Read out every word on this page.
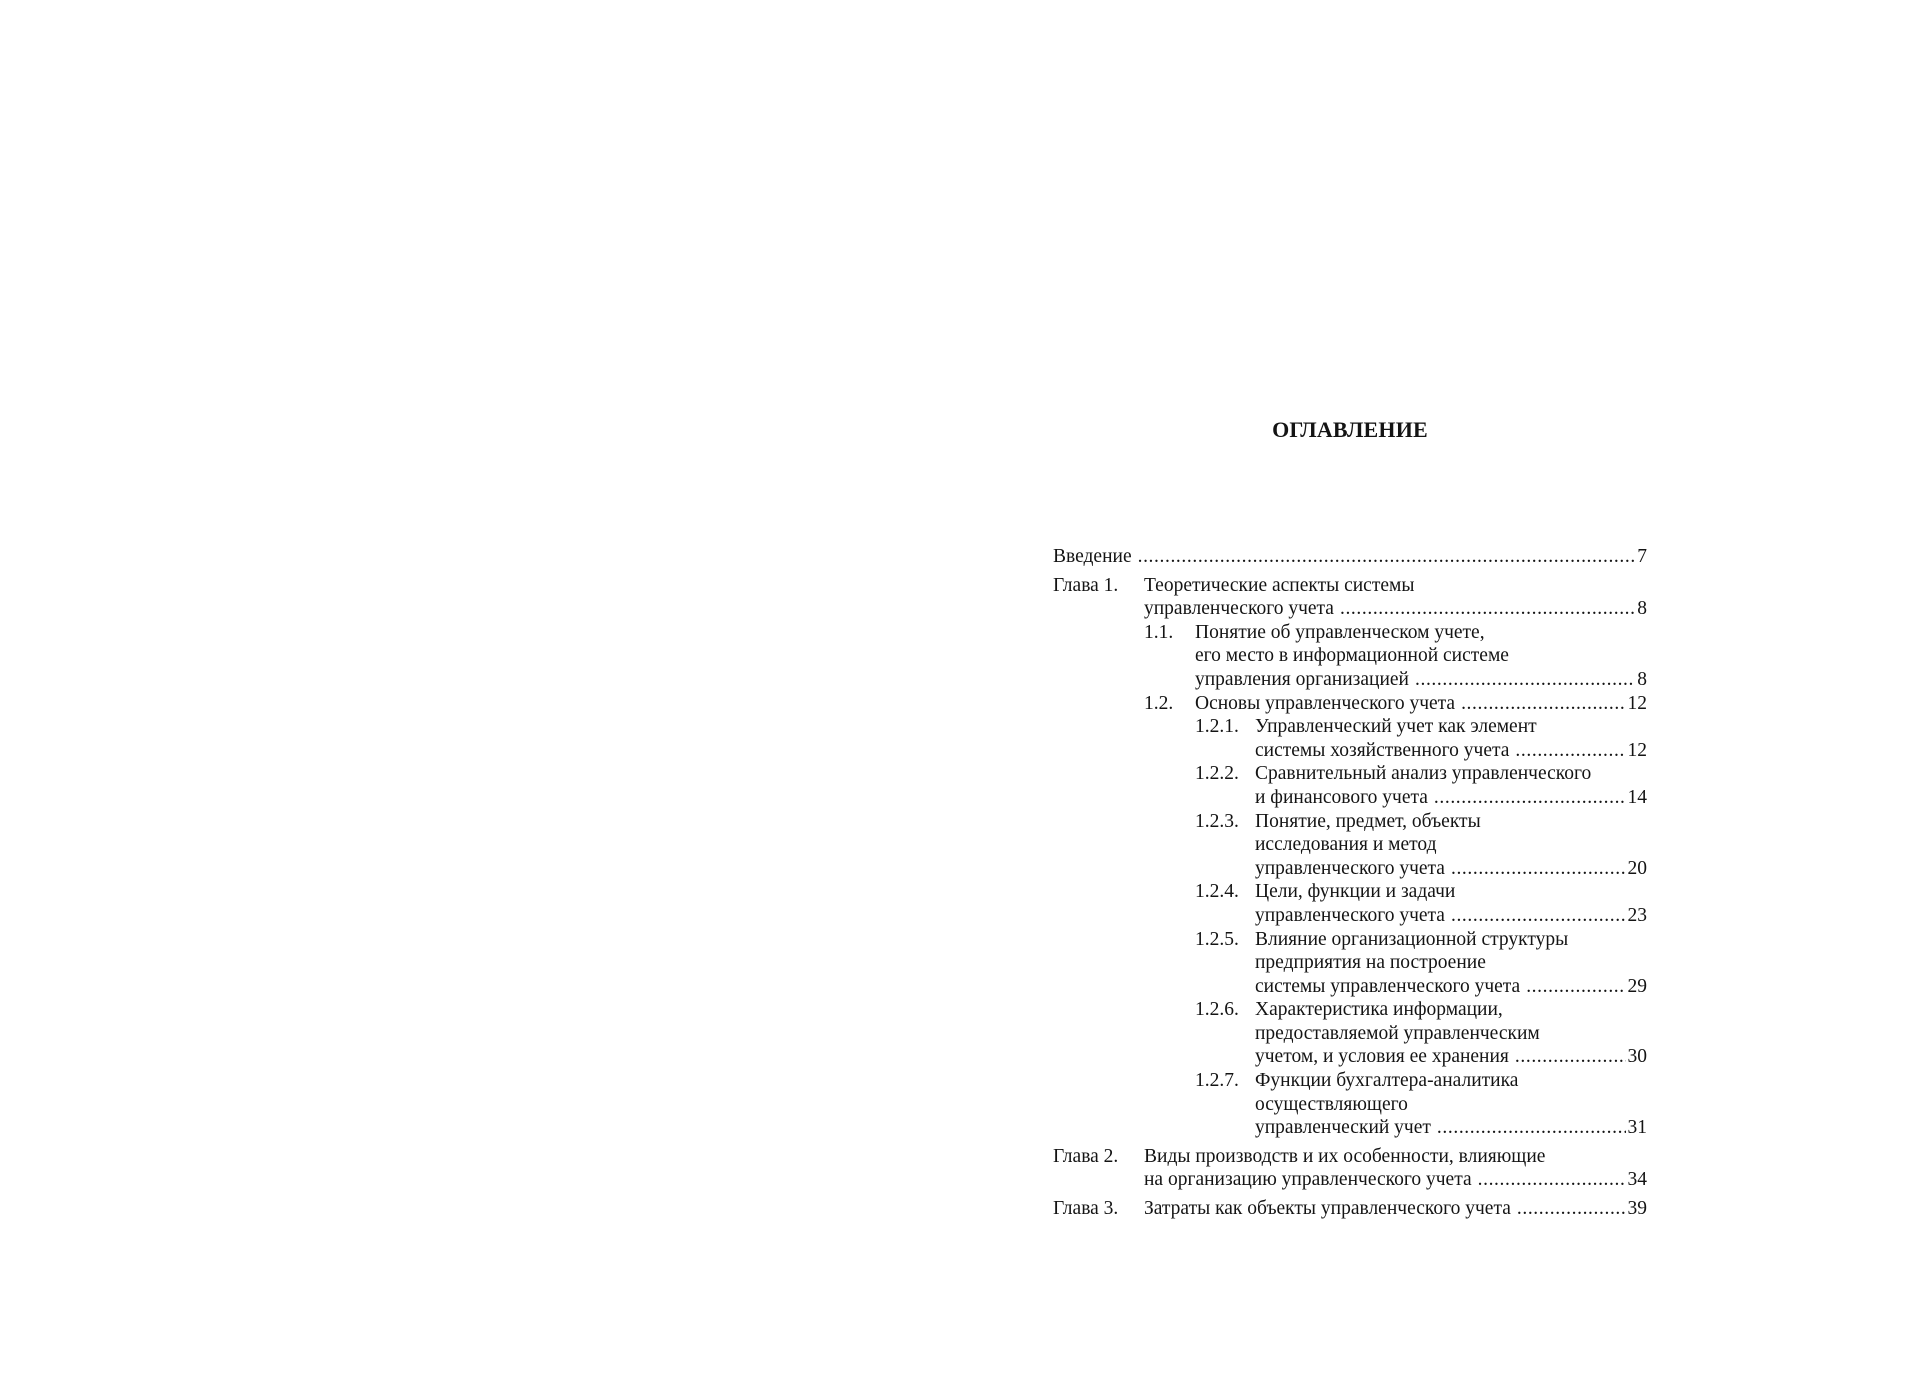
ОГЛАВЛЕНИЕ
Введение .....	7
Глава 1.	Теоретические аспекты системы
управленческого учета .....	8
1.1.	Понятие об управленческом учете,
его место в информационной системе
управления организацией .....	8
1.2.	Основы управленческого учета .....	12
1.2.1. Управленческий учет как элемент
системы хозяйственного учета .....	12
1.2.2. Сравнительный анализ управленческого
и финансового учета .....	14
1.2.3. Понятие, предмет, объекты
исследования и метод
управленческого учета .....	20
1.2.4. Цели, функции и задачи
управленческого учета .....	23
1.2.5. Влияние организационной структуры
предприятия на построение
системы управленческого учета .....	29
1.2.6. Характеристика информации,
предоставляемой управленческим
учетом, и условия ее хранения .....	30
1.2.7. Функции бухгалтера-аналитика
осуществляющего
управленческий учет .....	31
Глава 2.	Виды производств и их особенности, влияющие
на организацию управленческого учета .....	34
Глава 3.	Затраты как объекты управленческого учета .....	39
